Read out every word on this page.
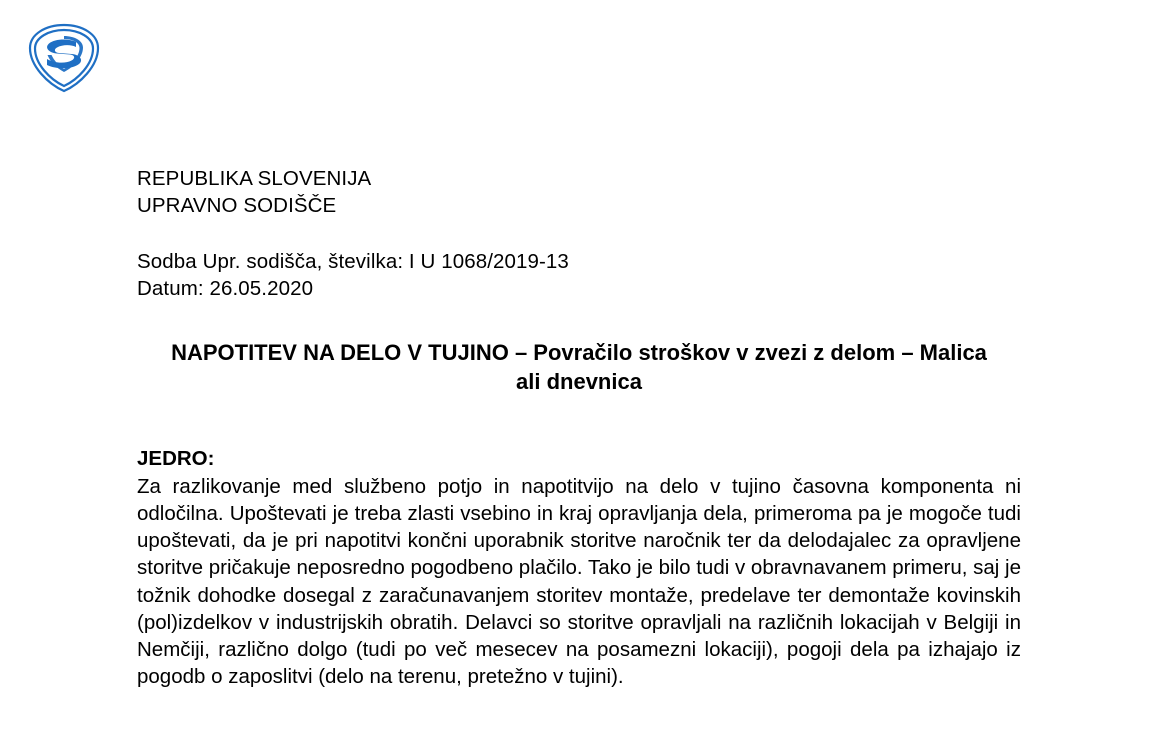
REPUBLIKA SLOVENIJA
UPRAVNO SODIŠČE
Sodba Upr. sodišča, številka: I U 1068/2019-13
Datum: 26.05.2020
NAPOTITEV NA DELO V TUJINO – Povračilo stroškov v zvezi z delom – Malica ali dnevnica
JEDRO:
Za razlikovanje med službeno potjo in napotitvijo na delo v tujino časovna komponenta ni odločilna. Upoštevati je treba zlasti vsebino in kraj opravljanja dela, primeroma pa je mogoče tudi upoštevati, da je pri napotitvi končni uporabnik storitve naročnik ter da delodajalec za opravljene storitve pričakuje neposredno pogodbeno plačilo. Tako je bilo tudi v obravnavanem primeru, saj je tožnik dohodke dosegal z zaračunavanjem storitev montaže, predelave ter demontaže kovinskih (pol)izdelkov v industrijskih obratih. Delavci so storitve opravljali na različnih lokacijah v Belgiji in Nemčiji, različno dolgo (tudi po več mesecev na posamezni lokaciji), pogoji dela pa izhajajo iz pogodb o zaposlitvi (delo na terenu, pretežno v tujini).
